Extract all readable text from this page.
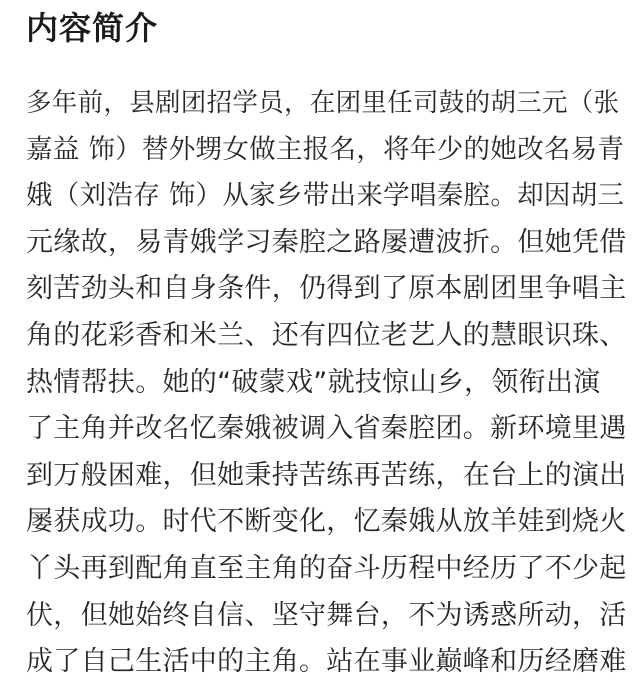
内容简介
多年前，县剧团招学员，在团里任司鼓的胡三元（张
嘉益 饰）替外甥女做主报名，将年少的她改名易青
娥（刘浩存 饰）从家乡带出来学唱秦腔。却因胡三
元缘故，易青娥学习秦腔之路屡遭波折。但她凭借
刻苦劲头和自身条件，仍得到了原本剧团里争唱主
角的花彩香和米兰、还有四位老艺人的慧眼识珠、
热情帮扶。她的“破蒙戏”就技惊山乡，领衔出演
了主角并改名忆秦娥被调入省秦腔团。新环境里遇
到万般困难，但她秉持苦练再苦练，在台上的演出
屡获成功。时代不断变化，忆秦娥从放羊娃到烧火
丫头再到配角直至主角的奋斗历程中经历了不少起
伏，但她始终自信、坚守舞台，不为诱惑所动，活
成了自己生活中的主角。站在事业巅峰和历经磨难
